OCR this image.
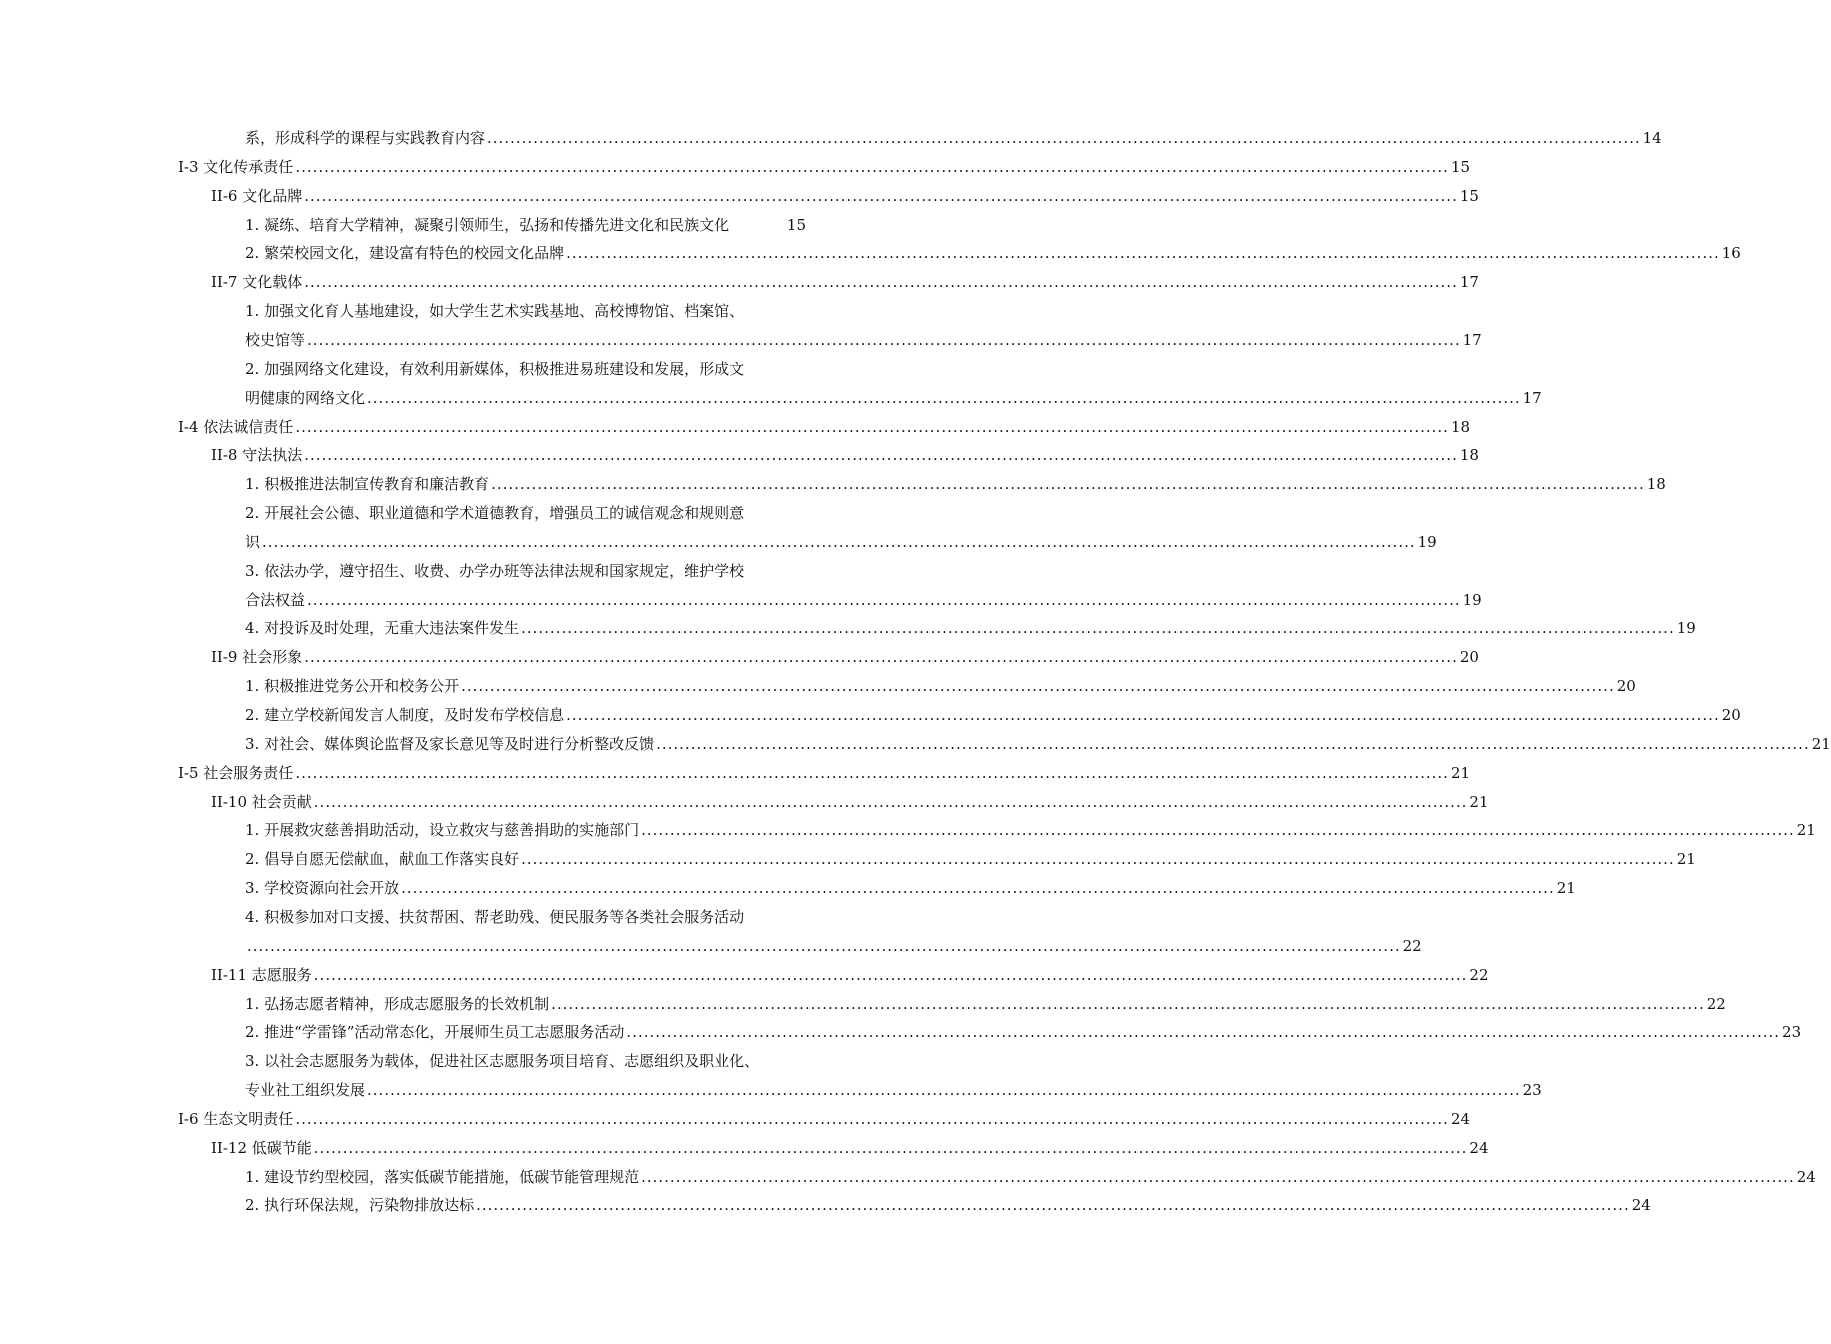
系，形成科学的课程与实践教育内容 ........................................................................................................................................................................................................ 14
I-3 文化传承责任 ........................................................................................................................................................................................................ 15
II-6 文化品牌 ........................................................................................................................................................................................................ 15
1. 凝练、培育大学精神，凝聚引领师生，弘扬和传播先进文化和民族文化	15
2. 繁荣校园文化，建设富有特色的校园文化品牌 ........................................................................................................................................................................................................ 16
II-7 文化载体 ........................................................................................................................................................................................................ 17
1. 加强文化育人基地建设，如大学生艺术实践基地、高校博物馆、档案馆、
校史馆等 ........................................................................................................................................................................................................ 17
2. 加强网络文化建设，有效利用新媒体，积极推进易班建设和发展，形成文
明健康的网络文化 ........................................................................................................................................................................................................ 17
I-4 依法诚信责任 ........................................................................................................................................................................................................ 18
II-8 守法执法 ........................................................................................................................................................................................................ 18
1. 积极推进法制宣传教育和廉洁教育 ........................................................................................................................................................................................................ 18
2. 开展社会公德、职业道德和学术道德教育，增强员工的诚信观念和规则意
识 ........................................................................................................................................................................................................ 19
3. 依法办学，遵守招生、收费、办学办班等法律法规和国家规定，维护学校
合法权益 ........................................................................................................................................................................................................ 19
4. 对投诉及时处理，无重大违法案件发生 ........................................................................................................................................................................................................ 19
II-9 社会形象 ........................................................................................................................................................................................................ 20
1. 积极推进党务公开和校务公开 ........................................................................................................................................................................................................ 20
2. 建立学校新闻发言人制度，及时发布学校信息 ........................................................................................................................................................................................................ 20
3. 对社会、媒体舆论监督及家长意见等及时进行分析整改反馈 ........................................................................................................................................................................................................ 21
I-5 社会服务责任 ........................................................................................................................................................................................................ 21
II-10 社会贡献 ........................................................................................................................................................................................................ 21
1. 开展救灾慈善捐助活动，设立救灾与慈善捐助的实施部门 ........................................................................................................................................................................................................ 21
2. 倡导自愿无偿献血，献血工作落实良好 ........................................................................................................................................................................................................ 21
3. 学校资源向社会开放 ........................................................................................................................................................................................................ 21
4. 积极参加对口支援、扶贫帮困、帮老助残、便民服务等各类社会服务活动
........................................................................................................................................................................................................ 22
II-11 志愿服务 ........................................................................................................................................................................................................ 22
1. 弘扬志愿者精神，形成志愿服务的长效机制 ........................................................................................................................................................................................................ 22
2. 推进“学雷锋”活动常态化，开展师生员工志愿服务活动 ........................................................................................................................................................................................................ 23
3. 以社会志愿服务为载体，促进社区志愿服务项目培育、志愿组织及职业化、
专业社工组织发展 ........................................................................................................................................................................................................ 23
I-6 生态文明责任 ........................................................................................................................................................................................................ 24
II-12 低碳节能 ........................................................................................................................................................................................................ 24
1. 建设节约型校园，落实低碳节能措施，低碳节能管理规范 ........................................................................................................................................................................................................ 24
2. 执行环保法规，污染物排放达标 ........................................................................................................................................................................................................ 24
